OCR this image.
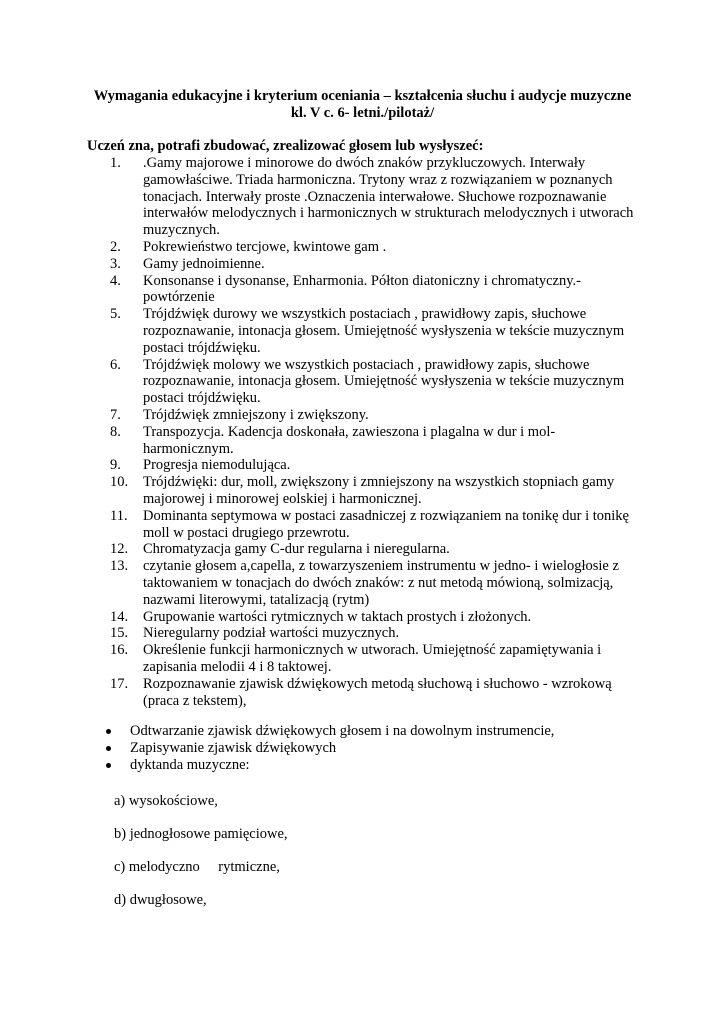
Wymagania edukacyjne i kryterium oceniania – kształcenia słuchu i audycje muzyczne

kl. V c. 6- letni./pilotaż/

Uczeń zna, potrafi zbudować, zrealizować głosem lub wysłyszeć:

1.	.Gamy majorowe i minorowe do dwóch znaków przykluczowych. Interwały gamowłaściwe. Triada harmoniczna. Trytony wraz z rozwiązaniem w poznanych tonacjach. Interwały proste .Oznaczenia interwałowe. Słuchowe rozpoznawanie interwałów melodycznych i harmonicznych w strukturach melodycznych i utworach muzycznych.
2.	Pokrewieństwo tercjowe, kwintowe gam .
3.	Gamy jednoimienne.
4.	Konsonanse i dysonanse, Enharmonia. Półton diatoniczny i chromatyczny.- powtórzenie
5.	Trójdźwięk durowy we wszystkich postaciach , prawidłowy zapis, słuchowe rozpoznawanie, intonacja głosem. Umiejętność wysłyszenia w tekście muzycznym postaci trójdźwięku.
6.	Trójdźwięk molowy we wszystkich postaciach , prawidłowy zapis, słuchowe rozpoznawanie, intonacja głosem. Umiejętność wysłyszenia w tekście muzycznym postaci trójdźwięku.
7.	Trójdźwięk zmniejszony i zwiększony.
8.	Transpozycja. Kadencja doskonała, zawieszona i plagalna w dur i mol- harmonicznym.
9.	Progresja niemodulująca.
10.	Trójdźwięki: dur, moll, zwiększony i zmniejszony na wszystkich stopniach gamy majorowej i minorowej eolskiej i harmonicznej.
11.	Dominanta septymowa w postaci zasadniczej z rozwiązaniem na tonikę dur i tonikę moll w postaci drugiego przewrotu.
12.	Chromatyzacja gamy C-dur regularna i nieregularna.
13.	czytanie głosem a,capella, z towarzyszeniem instrumentu w jedno- i wielogłosie z taktowaniem w tonacjach do dwóch znaków: z nut metodą mówioną, solmizacją, nazwami literowymi, tatalizacją (rytm)
14.	Grupowanie wartości rytmicznych w taktach prostych i złożonych.
15.	Nieregularny podział wartości muzycznych.
16.	Określenie funkcji harmonicznych w utworach. Umiejętność zapamiętywania i zapisania melodii 4 i 8 taktowej.
17.	Rozpoznawanie zjawisk dźwiękowych metodą słuchową i słuchowo - wzrokową (praca z tekstem),
Odtwarzanie zjawisk dźwiękowych głosem i na dowolnym instrumencie,
Zapisywanie zjawisk dźwiękowych
dyktanda muzyczne:

a) wysokościowe,

b) jednogłosowe pamięciowe,

c) melodyczno rytmiczne,

d) dwugłosowe,
